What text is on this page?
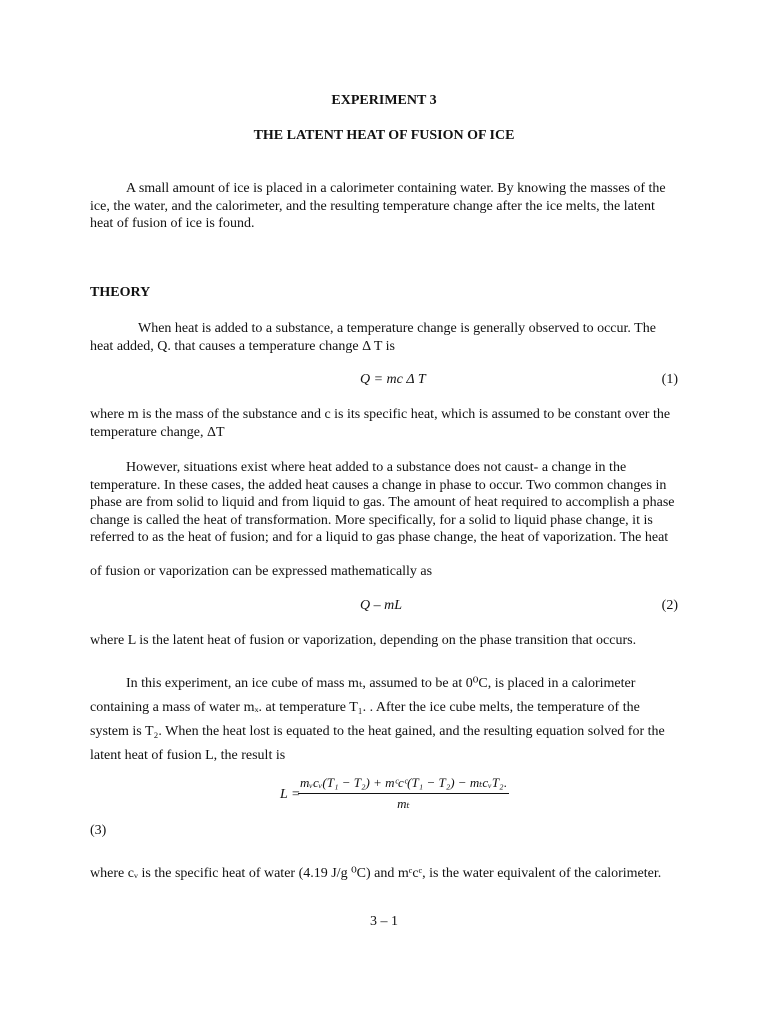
EXPERIMENT 3
THE LATENT HEAT OF FUSION OF ICE

A small amount of ice is placed in a calorimeter containing water. By knowing the masses of the ice, the water, and the calorimeter, and the resulting temperature change after the ice melts, the latent heat of fusion of ice is found.

THEORY

When heat is added to a substance, a temperature change is generally observed to occur. The heat added, Q. that causes a temperature change Δ T is

Q = mc Δ T	(1)

where m is the mass of the substance and c is its specific heat, which is assumed to be constant over the temperature change, ΔT

However, situations exist where heat added to a substance does not caust- a change in the temperature. In these cases, the added heat causes a change in phase to occur. Two common changes in phase are from solid to liquid and from liquid to gas. The amount of heat required to accomplish a phase change is called the heat of transformation. More specifically, for a solid to liquid phase change, it is referred to as the heat of fusion; and for a liquid to gas phase change, the heat of vaporization. The heat

of fusion or vaporization can be expressed mathematically as

Q – mL	(2)

where L is the latent heat of fusion or vaporization, depending on the phase transition that occurs.

In this experiment, an ice cube of mass mₜ, assumed to be at 0⁰C, is placed in a calorimeter containing a mass of water mₓ. at temperature T₁. . After the ice cube melts, the temperature of the system is T₂. When the heat lost is equated to the heat gained, and the resulting equation solved for the latent heat of fusion L, the result is

L =
mᵥcᵥ(T₁ − T₂) + mᶜcᶜ(T₁ − T₂) − mₜcᵥT₂.
mₜ
(3)

where cᵥ is the specific heat of water (4.19 J/g ⁰C) and mᶜcᶜ, is the water equivalent of the calorimeter.

3 – 1
